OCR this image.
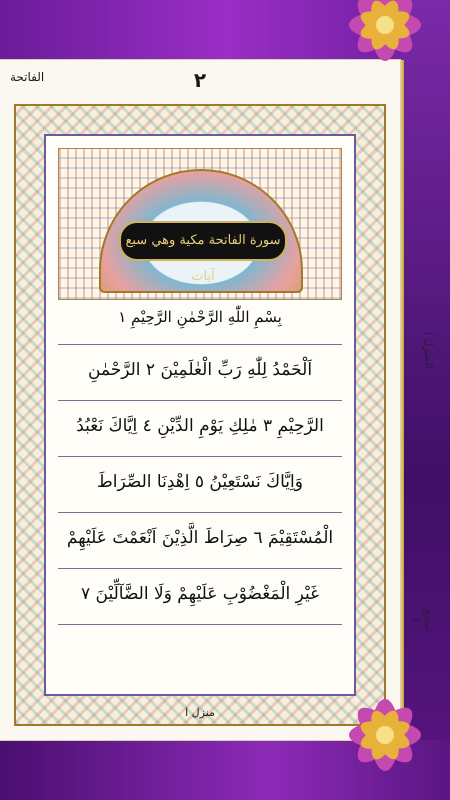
الفاتحة	٢
سورة الفاتحة مكية وهي سبع آيات
بِسْمِ اللّٰهِ الرَّحْمٰنِ الرَّحِيْمِ ١
اَلْحَمْدُ لِلّٰهِ رَبِّ الْعٰلَمِيْنَ ٢ الرَّحْمٰنِ
الرَّحِيْمِ ٣ مٰلِكِ يَوْمِ الدِّيْنِ ٤ اِيَّاكَ نَعْبُدُ
وَاِيَّاكَ نَسْتَعِيْنُ ٥ اِهْدِنَا الصِّرَاطَ
الْمُسْتَقِيْمَ ٦ صِرَاطَ الَّذِيْنَ اَنْعَمْتَ عَلَيْهِمْ
غَيْرِ الْمَغْضُوْبِ عَلَيْهِمْ وَلَا الضَّآلِّيْنَ ٧
منزل ا
المنزل ا
سجع ٤
